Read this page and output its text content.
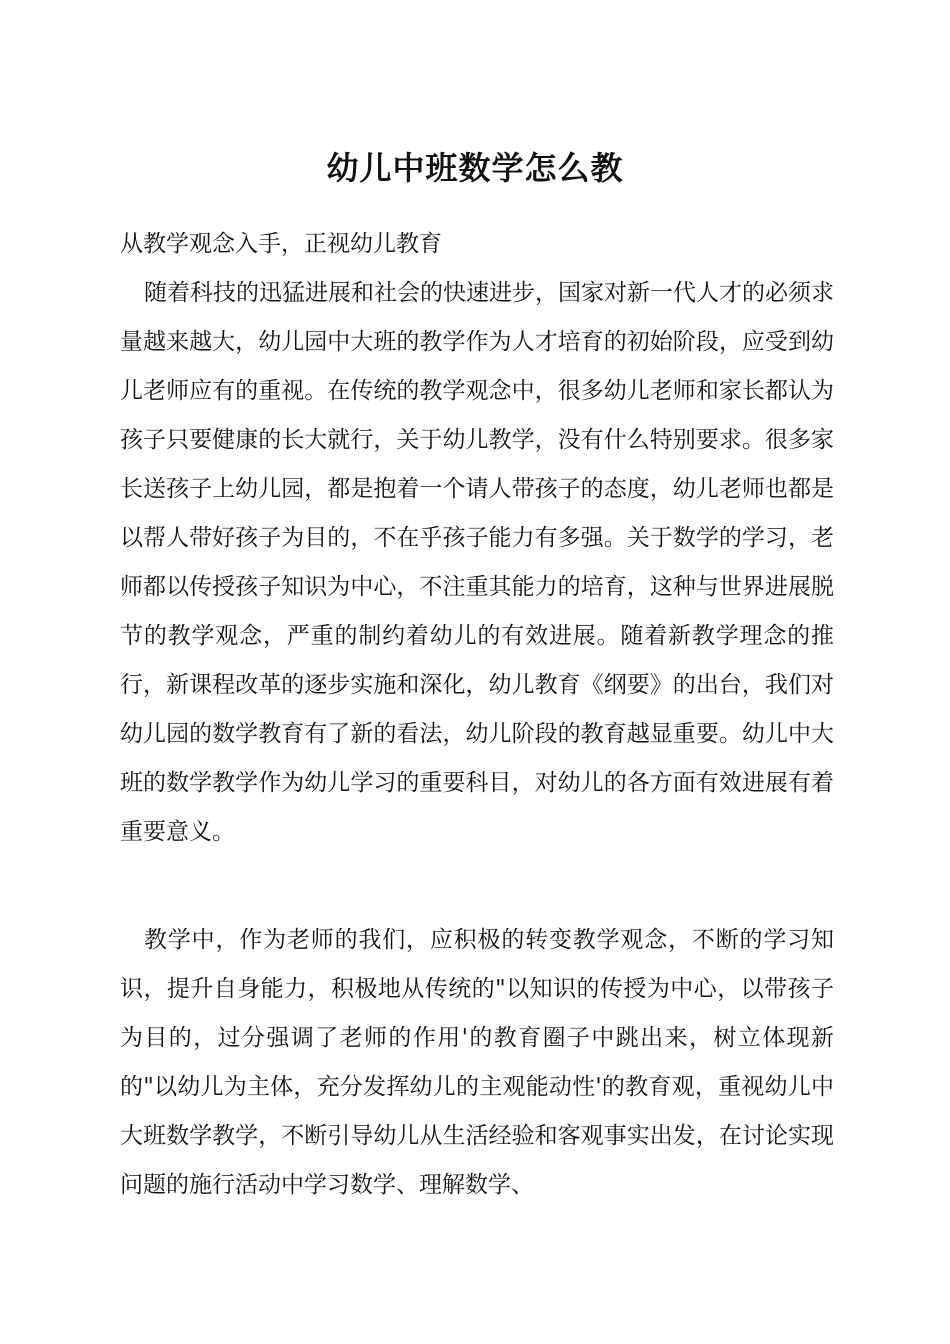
幼儿中班数学怎么教

从教学观念入手，正视幼儿教育

随着科技的迅猛进展和社会的快速进步，国家对新一代人才的必须求量越来越大，幼儿园中大班的教学作为人才培育的初始阶段，应受到幼儿老师应有的重视。在传统的教学观念中，很多幼儿老师和家长都认为孩子只要健康的长大就行，关于幼儿教学，没有什么特别要求。很多家长送孩子上幼儿园，都是抱着一个请人带孩子的态度，幼儿老师也都是以帮人带好孩子为目的，不在乎孩子能力有多强。关于数学的学习，老师都以传授孩子知识为中心，不注重其能力的培育，这种与世界进展脱节的教学观念，严重的制约着幼儿的有效进展。随着新教学理念的推行，新课程改革的逐步实施和深化，幼儿教育《纲要》的出台，我们对幼儿园的数学教育有了新的看法，幼儿阶段的教育越显重要。幼儿中大班的数学教学作为幼儿学习的重要科目，对幼儿的各方面有效进展有着重要意义。

教学中，作为老师的我们，应积极的转变教学观念，不断的学习知识，提升自身能力，积极地从传统的"以知识的传授为中心，以带孩子为目的，过分强调了老师的作用'的教育圈子中跳出来，树立体现新的"以幼儿为主体，充分发挥幼儿的主观能动性'的教育观，重视幼儿中大班数学教学，不断引导幼儿从生活经验和客观事实出发，在讨论实现问题的施行活动中学习数学、理解数学、
